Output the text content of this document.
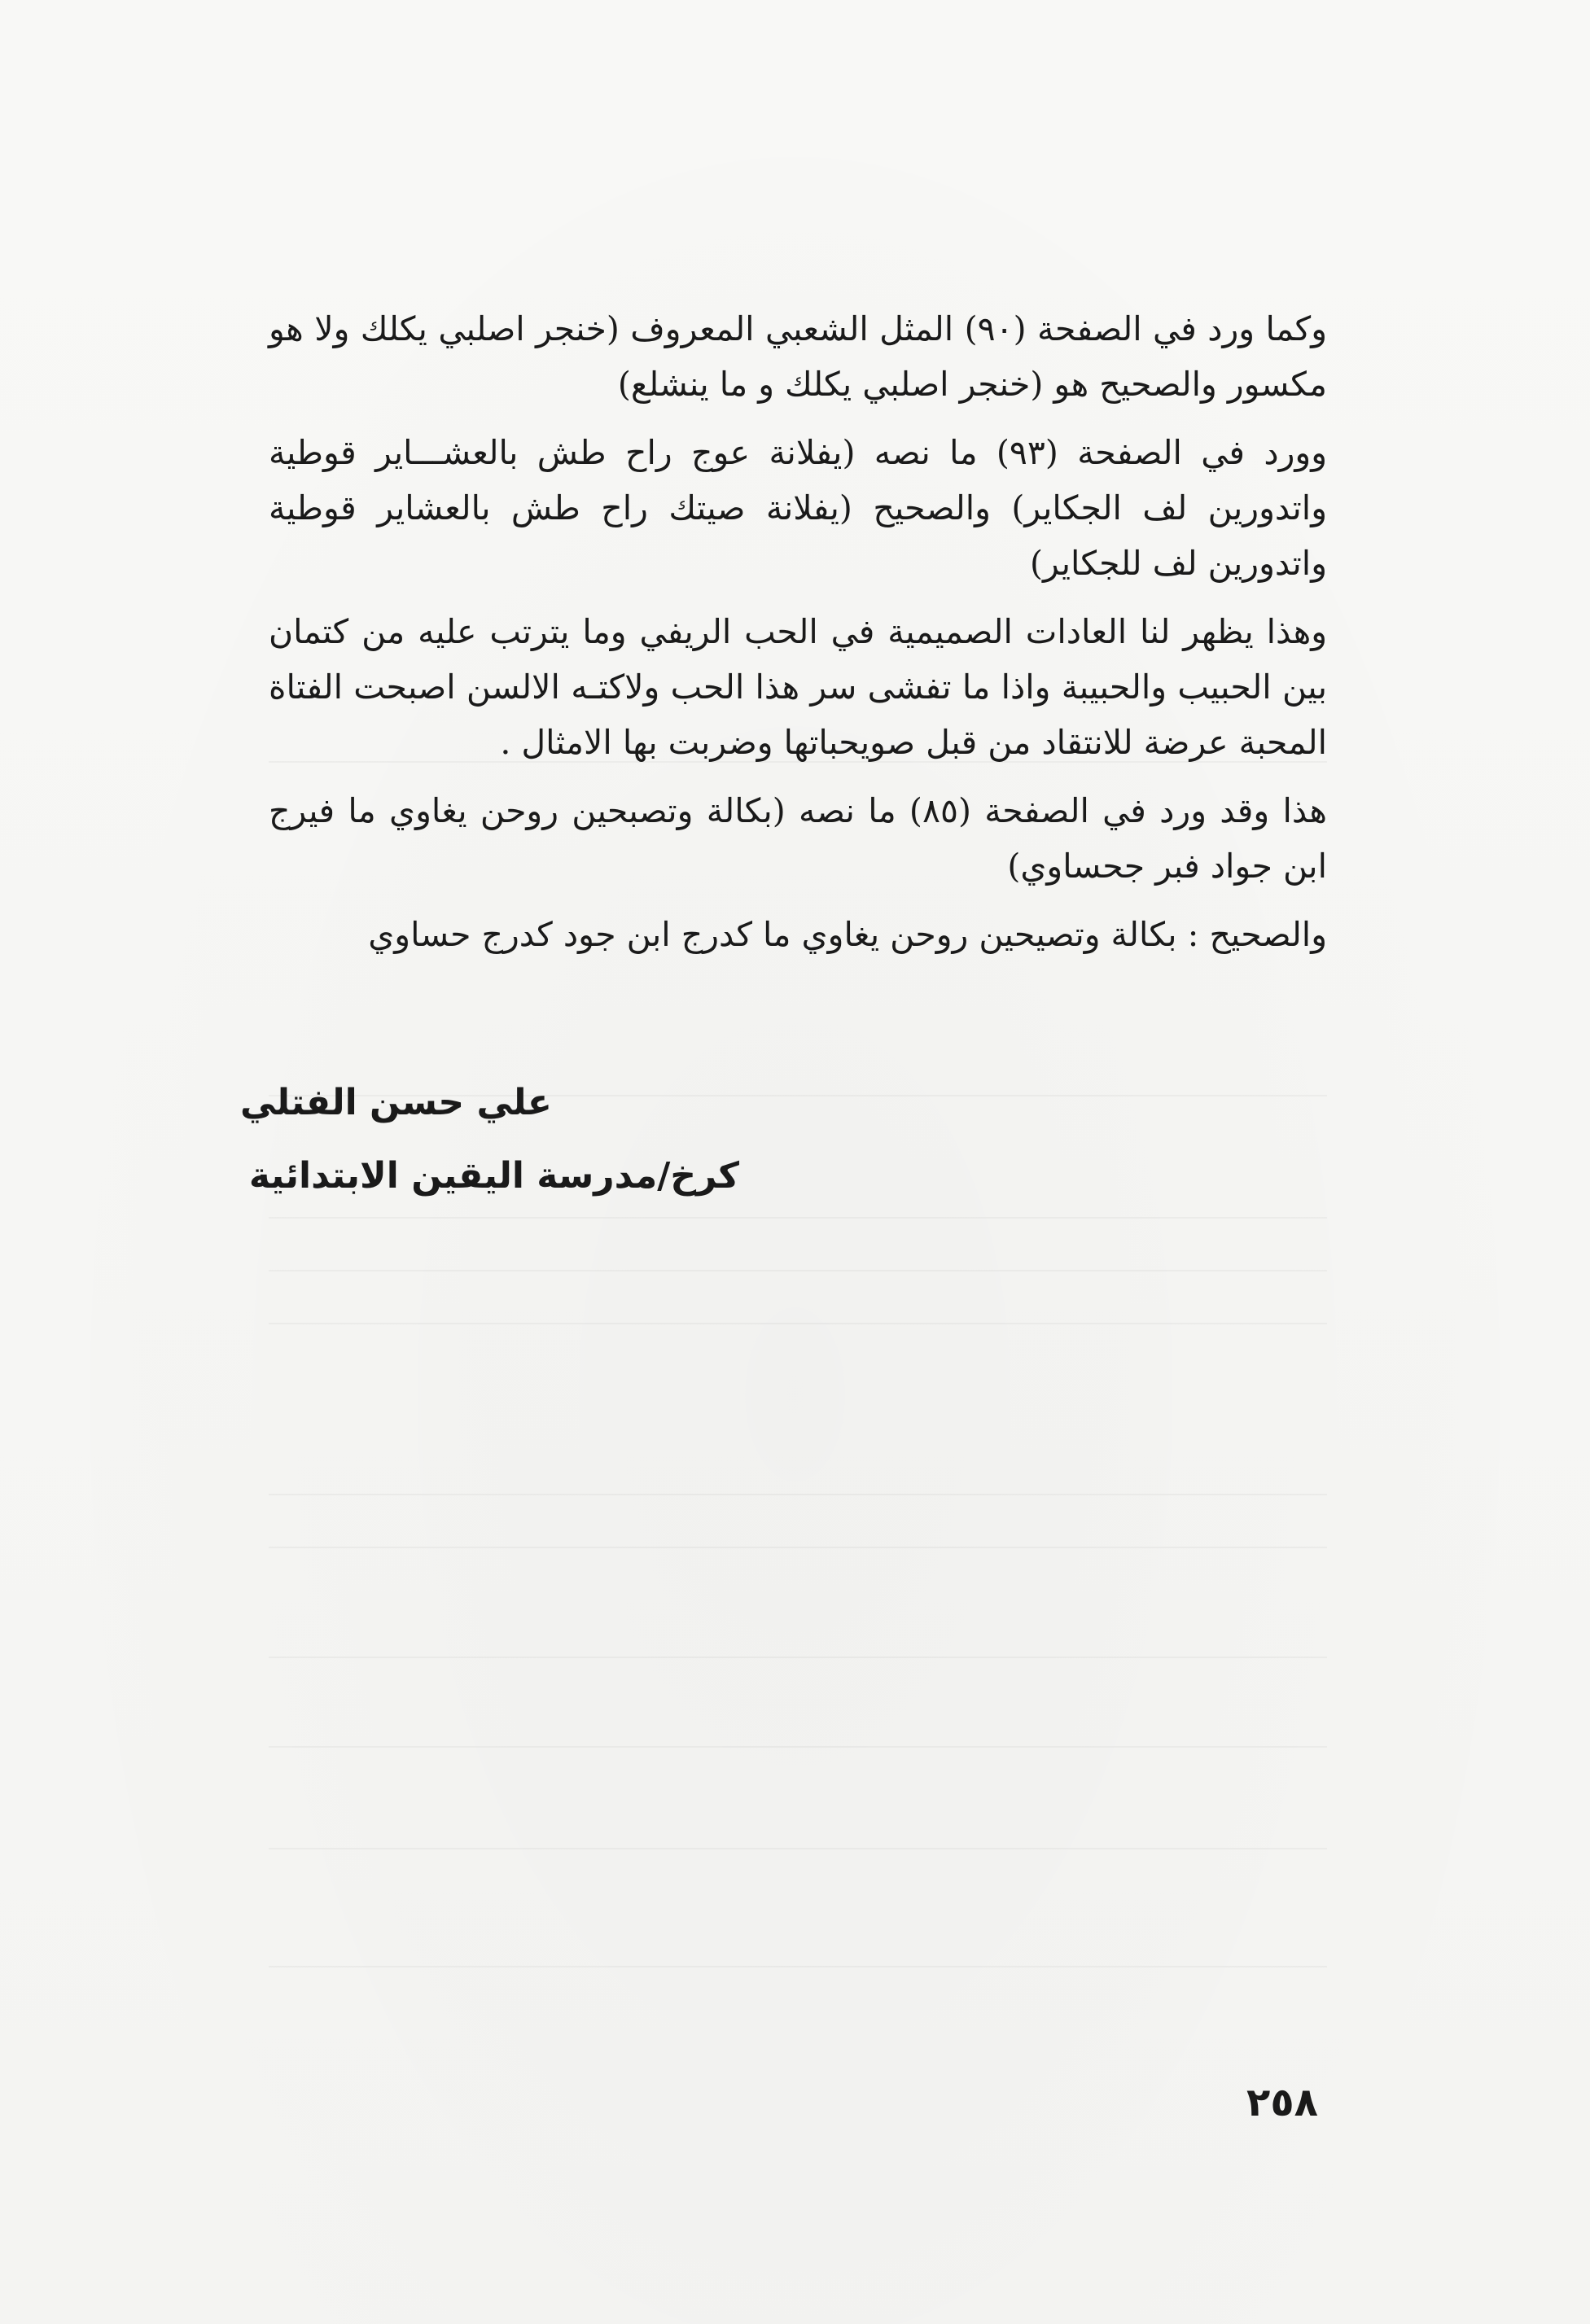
وكما ورد في الصفحة (٩٠) المثل الشعبي المعروف (خنجر اصلبي يكلك ولا هو مكسور والصحيح هو (خنجر اصلبي يكلك و ما ينشلع)

وورد في الصفحة (٩٣) ما نصه (يفلانة عوج راح طش بالعشـــاير قوطية واتدورين لف الجكاير) والصحيح (يفلانة صيتك راح طش بالعشاير قوطية واتدورين لف للجكاير)

وهذا يظهر لنا العادات الصميمية في الحب الريفي وما يترتب عليه من كتمان بين الحبيب والحبيبة واذا ما تفشى سر هذا الحب ولاكتـه الالسن اصبحت الفتاة المحبة عرضة للانتقاد من قبل صويحباتها وضربت بها الامثال .

هذا وقد ورد في الصفحة (٨٥) ما نصه (بكالة وتصبحين روحن يغاوي ما فيرج ابن جواد فبر جحساوي)

والصحيح : بكالة وتصيحين روحن يغاوي ما كدرج ابن جود كدرج حساوي

علي حسن الفتلي
كرخ/مدرسة اليقين الابتدائية
٢٥٨
